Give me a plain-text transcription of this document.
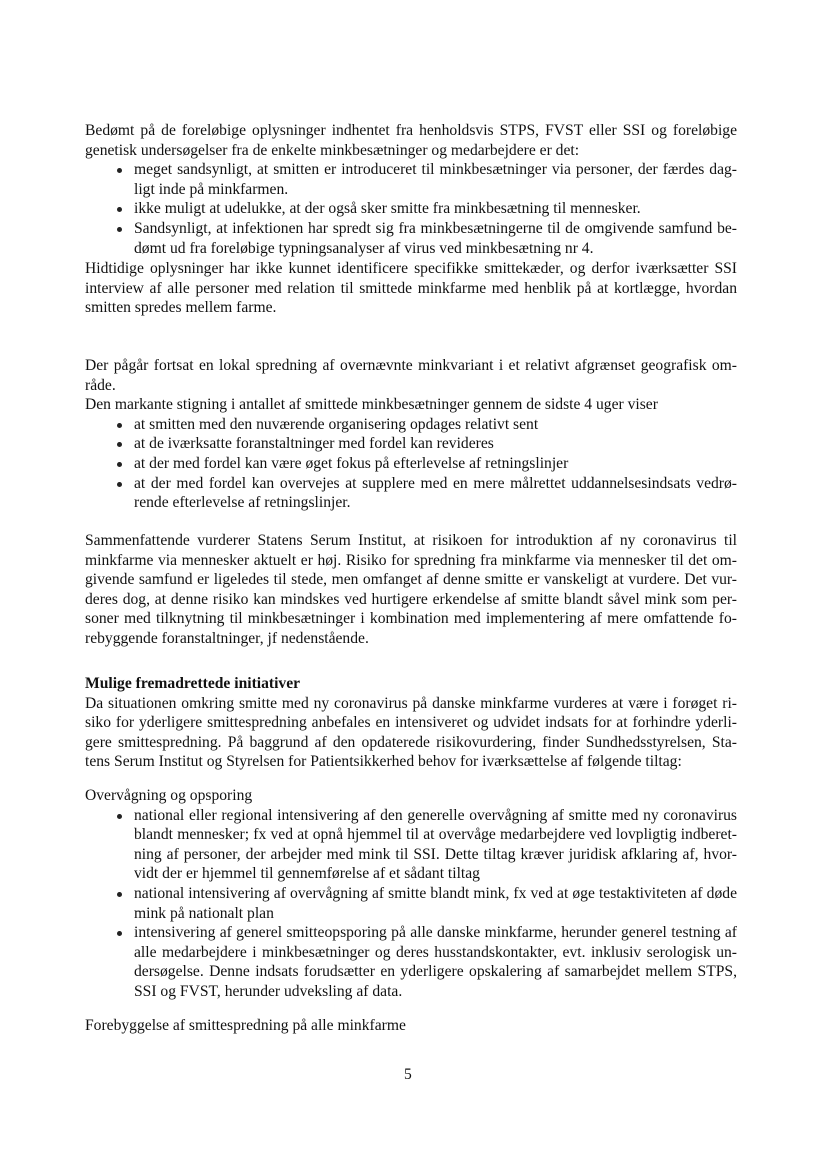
Bedømt på de foreløbige oplysninger indhentet fra henholdsvis STPS, FVST eller SSI og foreløbige
genetisk undersøgelser fra de enkelte minkbesætninger og medarbejdere er det:
meget sandsynligt, at smitten er introduceret til minkbesætninger via personer, der færdes dag-
ligt inde på minkfarmen.
ikke muligt at udelukke, at der også sker smitte fra minkbesætning til mennesker.
Sandsynligt, at infektionen har spredt sig fra minkbesætningerne til de omgivende samfund be-
dømt ud fra foreløbige typningsanalyser af virus ved minkbesætning nr 4.
Hidtidige oplysninger har ikke kunnet identificere specifikke smittekæder, og derfor iværksætter SSI
interview af alle personer med relation til smittede minkfarme med henblik på at kortlægge, hvordan
smitten spredes mellem farme.
Der pågår fortsat en lokal spredning af overnævnte minkvariant i et relativt afgrænset geografisk om-
råde.
Den markante stigning i antallet af smittede minkbesætninger gennem de sidste 4 uger viser
at smitten med den nuværende organisering opdages relativt sent
at de iværksatte foranstaltninger med fordel kan revideres
at der med fordel kan være øget fokus på efterlevelse af retningslinjer
at der med fordel kan overvejes at supplere med en mere målrettet uddannelsesindsats vedrø-
rende efterlevelse af retningslinjer.
Sammenfattende vurderer Statens Serum Institut, at risikoen for introduktion af ny coronavirus til
minkfarme via mennesker aktuelt er høj. Risiko for spredning fra minkfarme via mennesker til det om-
givende samfund er ligeledes til stede, men omfanget af denne smitte er vanskeligt at vurdere. Det vur-
deres dog, at denne risiko kan mindskes ved hurtigere erkendelse af smitte blandt såvel mink som per-
soner med tilknytning til minkbesætninger i kombination med implementering af mere omfattende fo-
rebyggende foranstaltninger, jf nedenstående.
Mulige fremadrettede initiativer
Da situationen omkring smitte med ny coronavirus på danske minkfarme vurderes at være i forøget ri-
siko for yderligere smittespredning anbefales en intensiveret og udvidet indsats for at forhindre yderli-
gere smittespredning. På baggrund af den opdaterede risikovurdering, finder Sundhedsstyrelsen, Sta-
tens Serum Institut og Styrelsen for Patientsikkerhed behov for iværksættelse af følgende tiltag:
Overvågning og opsporing
national eller regional intensivering af den generelle overvågning af smitte med ny coronavirus
blandt mennesker; fx ved at opnå hjemmel til at overvåge medarbejdere ved lovpligtig indberet-
ning af personer, der arbejder med mink til SSI. Dette tiltag kræver juridisk afklaring af, hvor-
vidt der er hjemmel til gennemførelse af et sådant tiltag
national intensivering af overvågning af smitte blandt mink, fx ved at øge testaktiviteten af døde
mink på nationalt plan
intensivering af generel smitteopsporing på alle danske minkfarme, herunder generel testning af
alle medarbejdere i minkbesætninger og deres husstandskontakter, evt. inklusiv serologisk un-
dersøgelse. Denne indsats forudsætter en yderligere opskalering af samarbejdet mellem STPS,
SSI og FVST, herunder udveksling af data.
Forebyggelse af smittespredning på alle minkfarme
5
